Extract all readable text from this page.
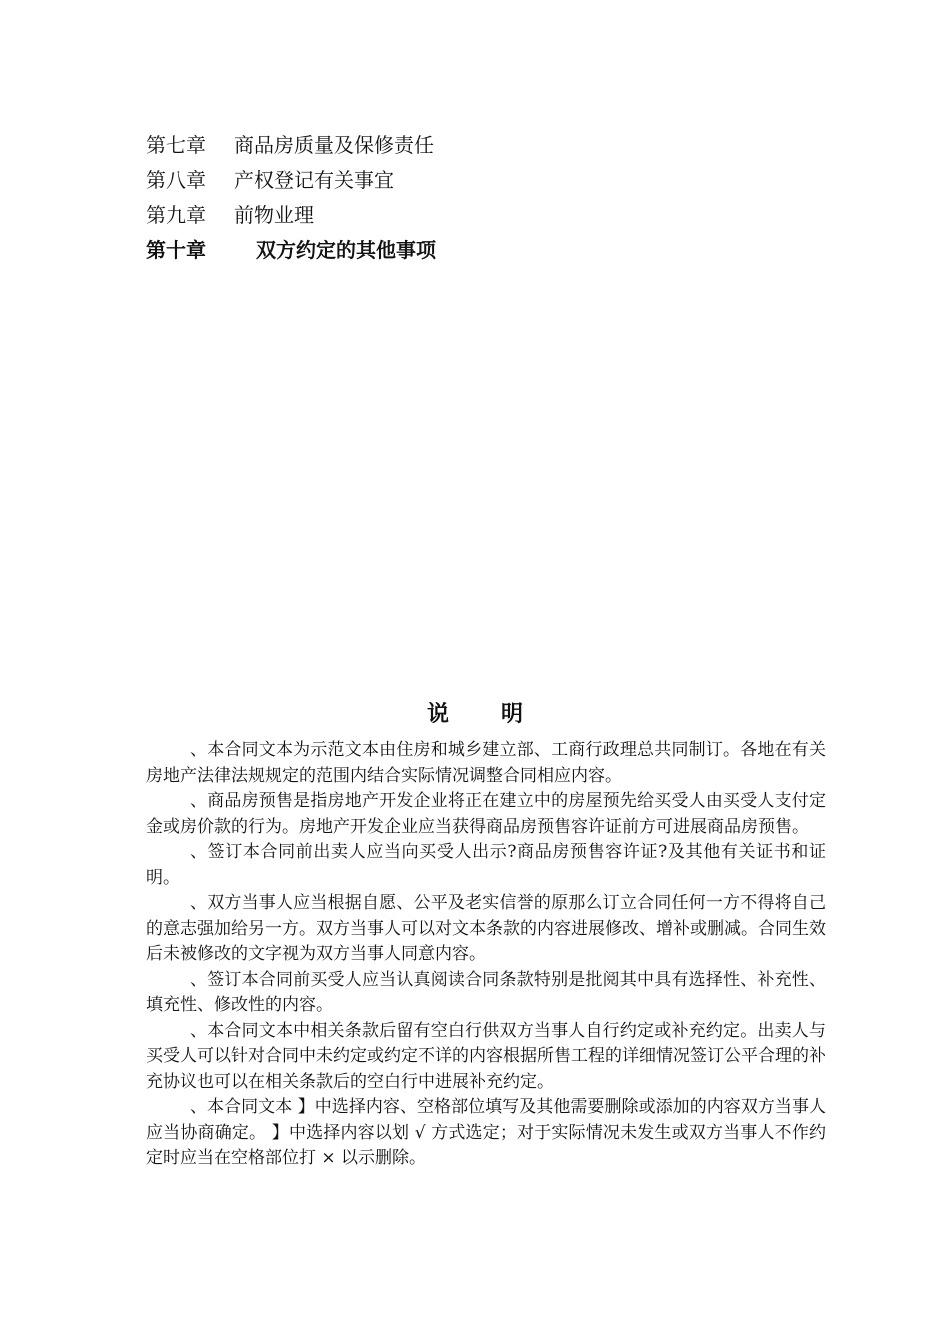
第七章 商品房质量及保修责任
第八章 产权登记有关事宜
第九章 前物业理
第十章	双方约定的其他事项
说明

、本合同文本为示范文本由住房和城乡建立部、工商行政理总共同制订。各地在有关房地产法律法规规定的范围内结合实际情况调整合同相应内容。

、商品房预售是指房地产开发企业将正在建立中的房屋预先给买受人由买受人支付定金或房价款的行为。房地产开发企业应当获得商品房预售容许证前方可进展商品房预售。

、签订本合同前出卖人应当向买受人出示?商品房预售容许证?及其他有关证书和证明。

、双方当事人应当根据自愿、公平及老实信誉的原那么订立合同任何一方不得将自己的意志强加给另一方。双方当事人可以对文本条款的内容进展修改、增补或删减。合同生效后未被修改的文字视为双方当事人同意内容。

、签订本合同前买受人应当认真阅读合同条款特别是批阅其中具有选择性、补充性、填充性、修改性的内容。

、本合同文本中相关条款后留有空白行供双方当事人自行约定或补充约定。出卖人与买受人可以针对合同中未约定或约定不详的内容根据所售工程的详细情况签订公平合理的补充协议也可以在相关条款后的空白行中进展补充约定。

、本合同文本 】中选择内容、空格部位填写及其他需要删除或添加的内容双方当事人应当协商确定。 】中选择内容以划 √ 方式选定；对于实际情况未发生或双方当事人不作约定时应当在空格部位打 × 以示删除。
